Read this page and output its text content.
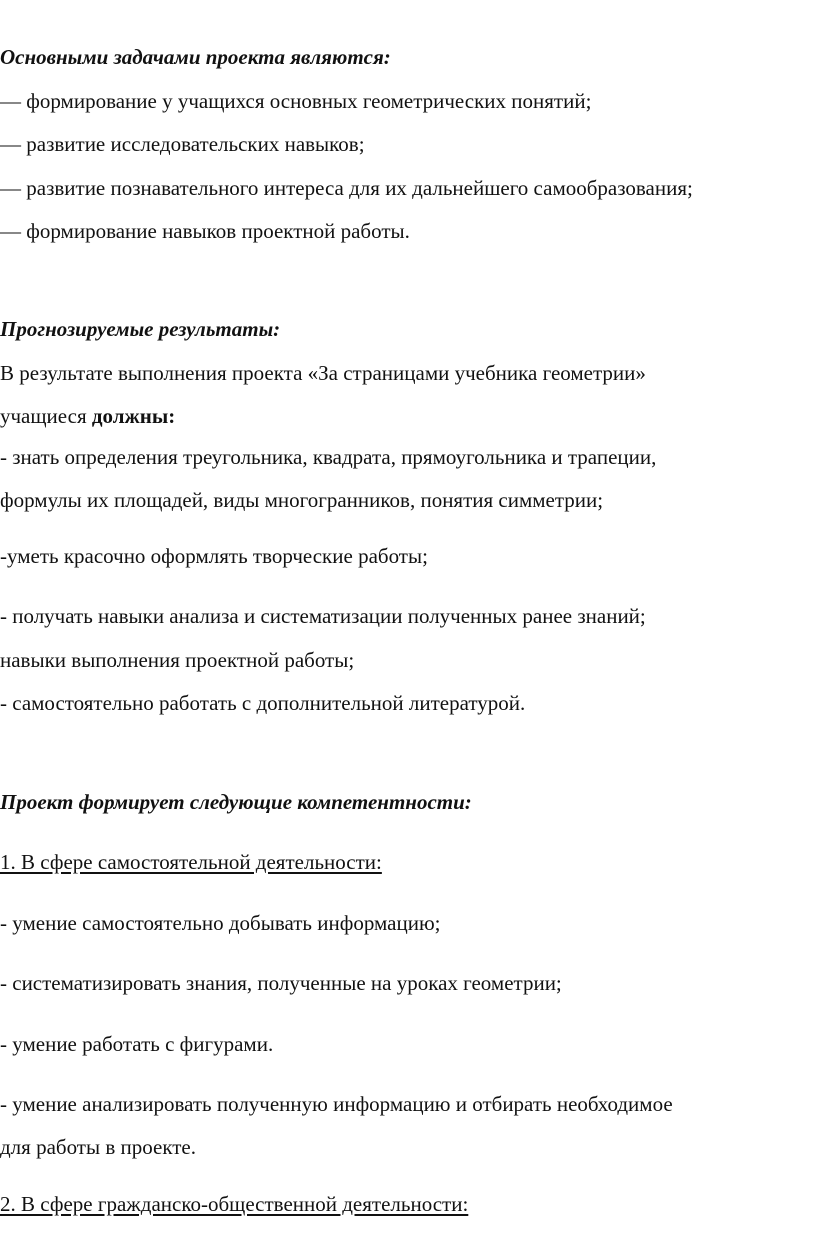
Основными задачами проекта являются:
— формирование у учащихся основных геометрических понятий;
— развитие исследовательских навыков;
— развитие познавательного интереса для их дальнейшего самообразования;
— формирование навыков проектной работы.
Прогнозируемые результаты:
В результате выполнения проекта «За страницами учебника геометрии»
учащиеся должны:
- знать определения треугольника, квадрата, прямоугольника и трапеции,
формулы их площадей, виды многогранников, понятия симметрии;
-уметь красочно оформлять творческие работы;
- получать навыки анализа и систематизации полученных ранее знаний;
навыки выполнения проектной работы;
- самостоятельно работать с дополнительной литературой.
Проект формирует следующие компетентности:
1. В сфере самостоятельной деятельности:
- умение самостоятельно добывать информацию;
- систематизировать знания, полученные на уроках геометрии;
- умение работать с фигурами.
- умение анализировать полученную информацию и отбирать необходимое
для работы в проекте.
2. В сфере гражданско-общественной деятельности:
